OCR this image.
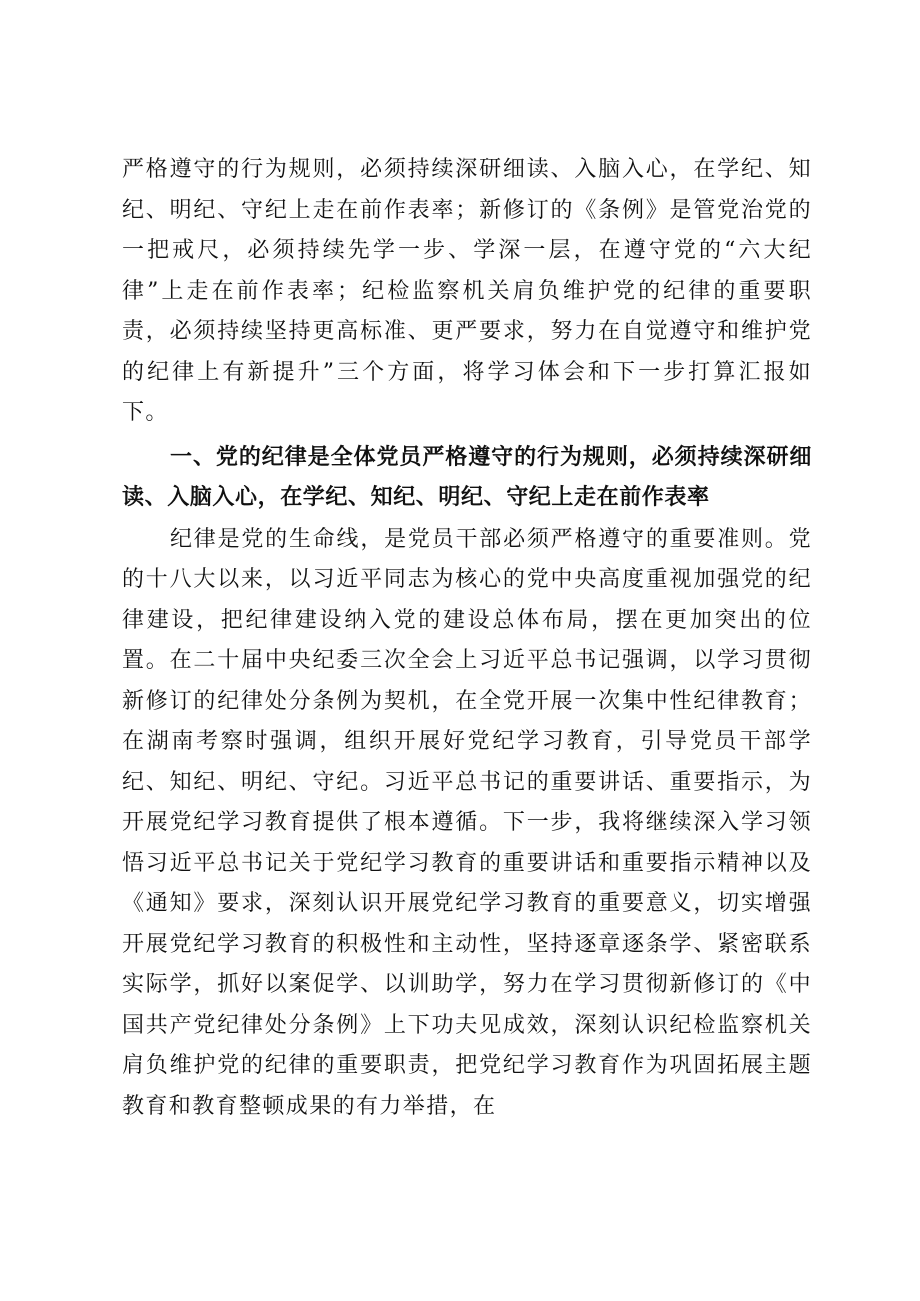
严格遵守的行为规则，必须持续深研细读、入脑入心，在学纪、知纪、明纪、守纪上走在前作表率；新修订的《条例》是管党治党的一把戒尺，必须持续先学一步、学深一层，在遵守党的“六大纪律”上走在前作表率；纪检监察机关肩负维护党的纪律的重要职责，必须持续坚持更高标准、更严要求，努力在自觉遵守和维护党的纪律上有新提升”三个方面，将学习体会和下一步打算汇报如下。

一、党的纪律是全体党员严格遵守的行为规则，必须持续深研细读、入脑入心，在学纪、知纪、明纪、守纪上走在前作表率

纪律是党的生命线，是党员干部必须严格遵守的重要准则。党的十八大以来，以习近平同志为核心的党中央高度重视加强党的纪律建设，把纪律建设纳入党的建设总体布局，摆在更加突出的位置。在二十届中央纪委三次全会上习近平总书记强调，以学习贯彻新修订的纪律处分条例为契机，在全党开展一次集中性纪律教育；在湖南考察时强调，组织开展好党纪学习教育，引导党员干部学纪、知纪、明纪、守纪。习近平总书记的重要讲话、重要指示，为开展党纪学习教育提供了根本遵循。下一步，我将继续深入学习领悟习近平总书记关于党纪学习教育的重要讲话和重要指示精神以及《通知》要求，深刻认识开展党纪学习教育的重要意义，切实增强开展党纪学习教育的积极性和主动性，坚持逐章逐条学、紧密联系实际学，抓好以案促学、以训助学，努力在学习贯彻新修订的《中国共产党纪律处分条例》上下功夫见成效，深刻认识纪检监察机关肩负维护党的纪律的重要职责，把党纪学习教育作为巩固拓展主题教育和教育整顿成果的有力举措，在
